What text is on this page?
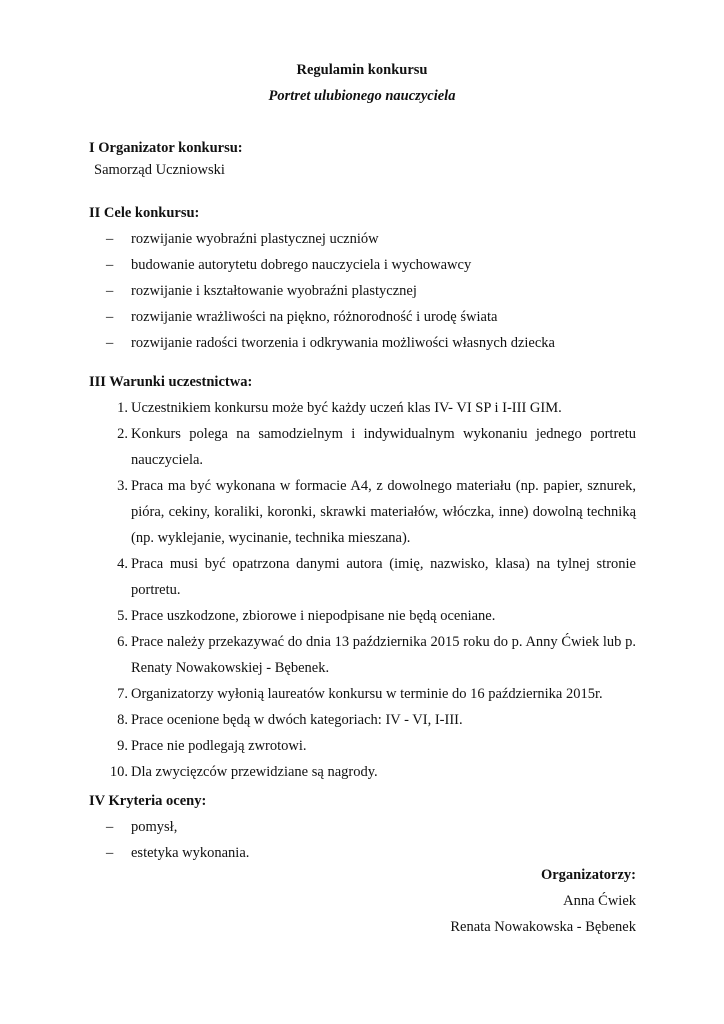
Regulamin konkursu
Portret ulubionego nauczyciela
I Organizator konkursu:
Samorząd Uczniowski
II Cele konkursu:
– rozwijanie wyobraźni plastycznej uczniów
– budowanie autorytetu dobrego nauczyciela i wychowawcy
– rozwijanie i kształtowanie wyobraźni plastycznej
– rozwijanie wrażliwości na piękno, różnorodność i urodę świata
– rozwijanie radości tworzenia i odkrywania możliwości własnych dziecka
III Warunki uczestnictwa:
1. Uczestnikiem konkursu może być każdy uczeń klas IV- VI SP i I-III GIM.
2. Konkurs polega na samodzielnym i indywidualnym wykonaniu jednego portretu nauczyciela.
3. Praca ma być wykonana w formacie A4, z dowolnego materiału (np. papier, sznurek, pióra, cekiny, koraliki, koronki, skrawki materiałów, włóczka, inne) dowolną techniką (np. wyklejanie, wycinanie, technika mieszana).
4. Praca musi być opatrzona danymi autora (imię, nazwisko, klasa) na tylnej stronie portretu.
5. Prace uszkodzone, zbiorowe i niepodpisane nie będą oceniane.
6. Prace należy przekazywać do dnia 13 października 2015 roku do p. Anny Ćwiek lub p. Renaty Nowakowskiej - Bębenek.
7. Organizatorzy wyłonią laureatów konkursu w terminie do 16 października 2015r.
8. Prace ocenione będą w dwóch kategoriach: IV - VI, I-III.
9. Prace nie podlegają zwrotowi.
10. Dla zwycięzców przewidziane są nagrody.
IV Kryteria oceny:
– pomysł,
– estetyka wykonania.
Organizatorzy:
Anna Ćwiek
Renata Nowakowska - Bębenek
